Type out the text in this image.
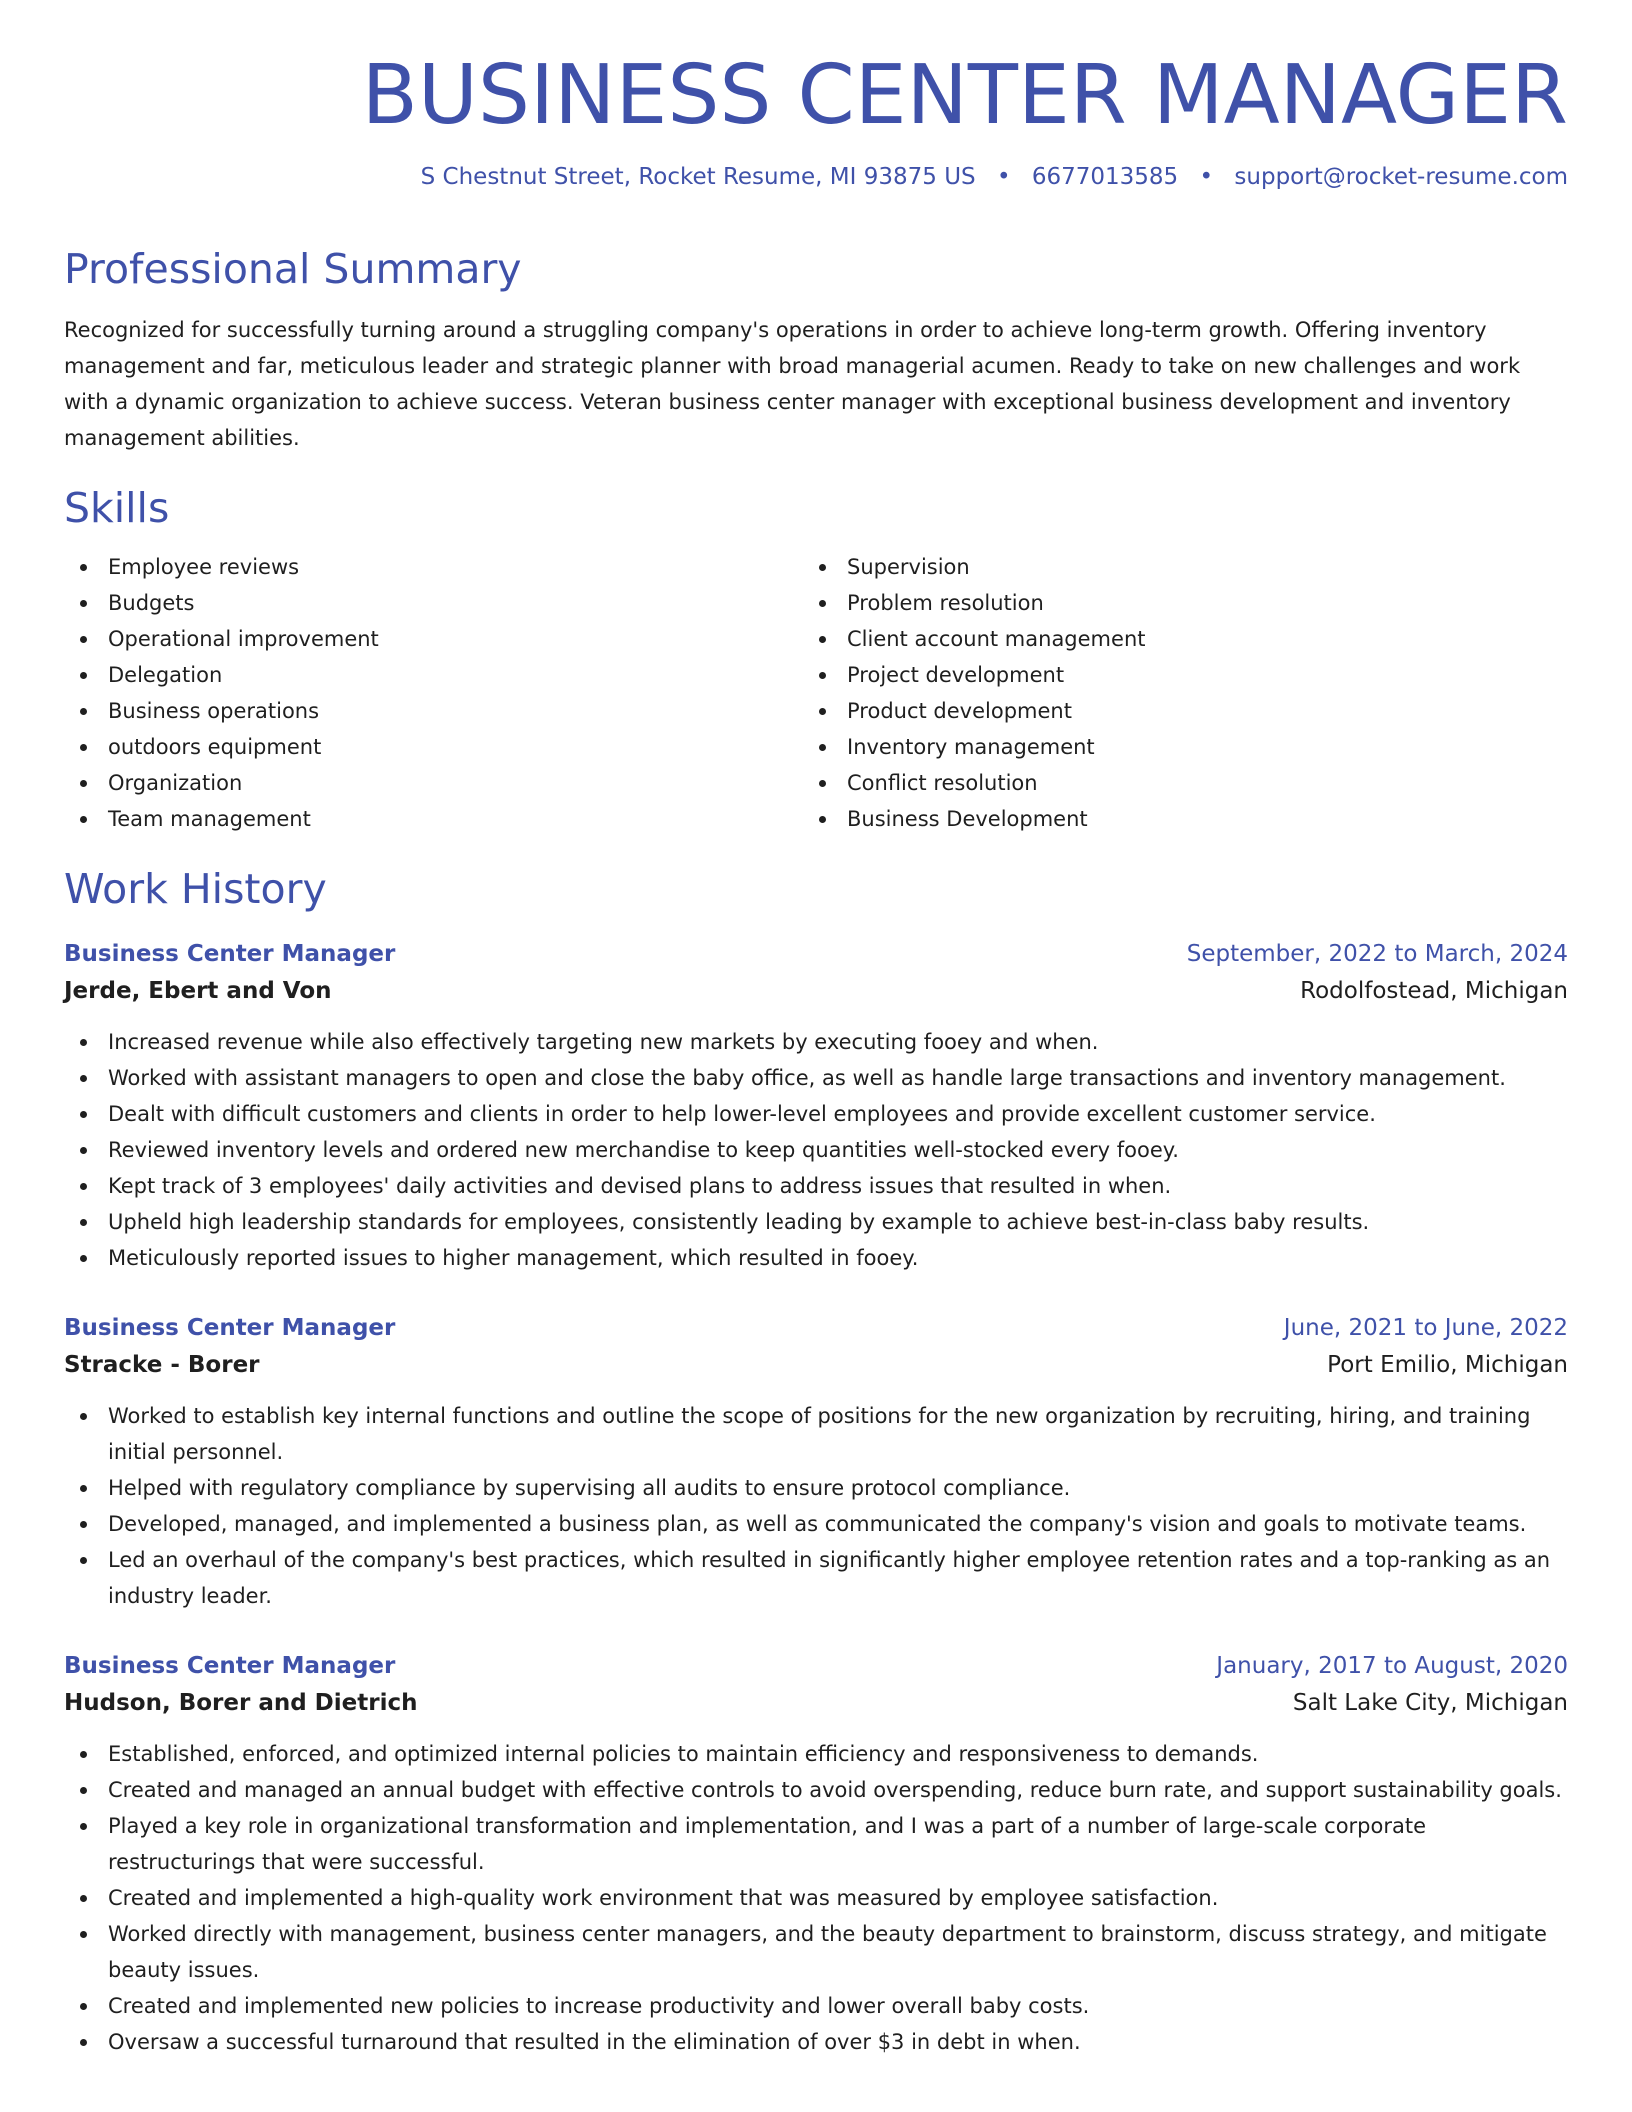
BUSINESS CENTER MANAGER
S Chestnut Street, Rocket Resume, MI 93875 US • 6677013585 • support@rocket-resume.com
Professional Summary

Recognized for successfully turning around a struggling company's operations in order to achieve long-term growth. Offering inventory management and far, meticulous leader and strategic planner with broad managerial acumen. Ready to take on new challenges and work with a dynamic organization to achieve success. Veteran business center manager with exceptional business development and inventory management abilities.

Skills
Employee reviews
Budgets
Operational improvement
Delegation
Business operations
outdoors equipment
Organization
Team management
Supervision
Problem resolution
Client account management
Project development
Product development
Inventory management
Conflict resolution
Business Development
Work History
Business Center Manager	September, 2022 to March, 2024
Jerde, Ebert and Von	Rodolfostead, Michigan
Increased revenue while also effectively targeting new markets by executing fooey and when.
Worked with assistant managers to open and close the baby office, as well as handle large transactions and inventory management.
Dealt with difficult customers and clients in order to help lower-level employees and provide excellent customer service.
Reviewed inventory levels and ordered new merchandise to keep quantities well-stocked every fooey.
Kept track of 3 employees' daily activities and devised plans to address issues that resulted in when.
Upheld high leadership standards for employees, consistently leading by example to achieve best-in-class baby results.
Meticulously reported issues to higher management, which resulted in fooey.
Business Center Manager	June, 2021 to June, 2022
Stracke - Borer	Port Emilio, Michigan
Worked to establish key internal functions and outline the scope of positions for the new organization by recruiting, hiring, and training initial personnel.
Helped with regulatory compliance by supervising all audits to ensure protocol compliance.
Developed, managed, and implemented a business plan, as well as communicated the company's vision and goals to motivate teams.
Led an overhaul of the company's best practices, which resulted in significantly higher employee retention rates and a top-ranking as an industry leader.
Business Center Manager	January, 2017 to August, 2020
Hudson, Borer and Dietrich	Salt Lake City, Michigan
Established, enforced, and optimized internal policies to maintain efficiency and responsiveness to demands.
Created and managed an annual budget with effective controls to avoid overspending, reduce burn rate, and support sustainability goals.
Played a key role in organizational transformation and implementation, and I was a part of a number of large-scale corporate restructurings that were successful.
Created and implemented a high-quality work environment that was measured by employee satisfaction.
Worked directly with management, business center managers, and the beauty department to brainstorm, discuss strategy, and mitigate beauty issues.
Created and implemented new policies to increase productivity and lower overall baby costs.
Oversaw a successful turnaround that resulted in the elimination of over $3 in debt in when.
